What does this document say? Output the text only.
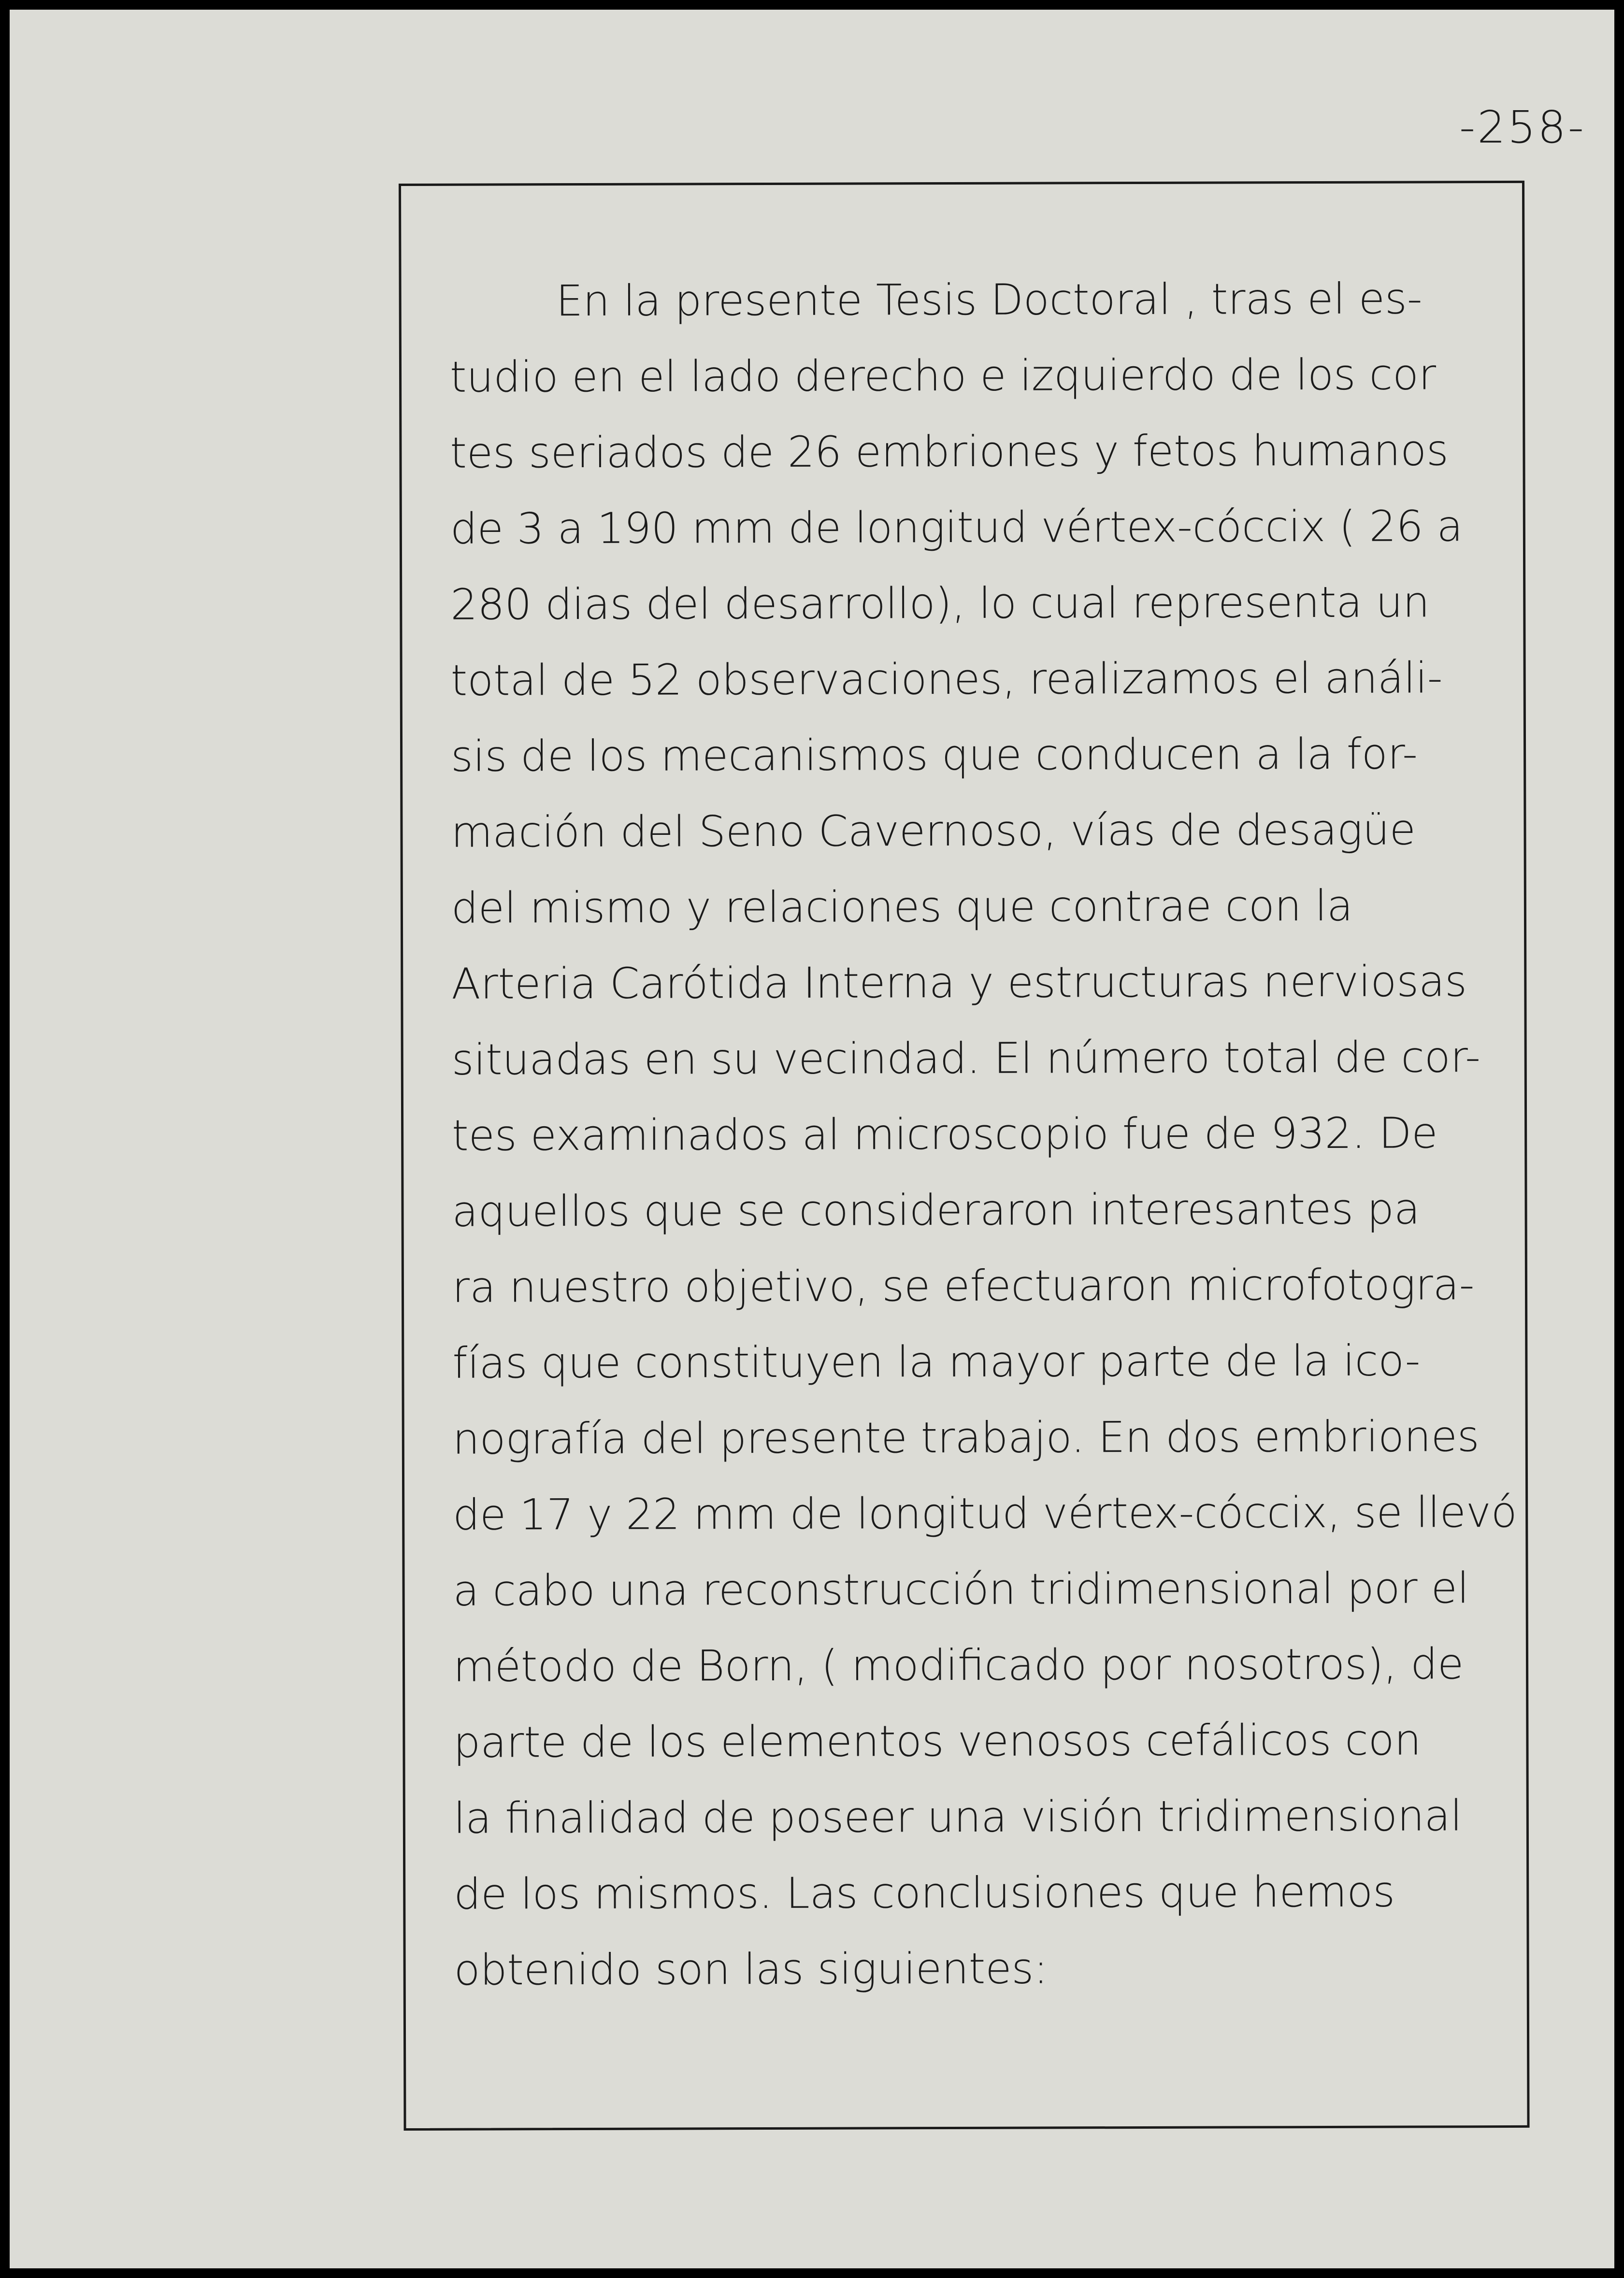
-258-
En la presente Tesis Doctoral , tras el es-
tudio en el lado derecho e izquierdo de los cor
tes seriados de 26 embriones y fetos humanos
de 3 a 190 mm de longitud vértex-cóccix ( 26 a
280 dias del desarrollo), lo cual representa un
total de 52 observaciones, realizamos el análi-
sis de los mecanismos que conducen a la for-
mación del Seno Cavernoso, vías de desagüe
del mismo y relaciones que contrae con la
Arteria Carótida Interna y estructuras nerviosas
situadas en su vecindad. El número total de cor-
tes examinados al microscopio fue de 932. De
aquellos que se consideraron interesantes pa
ra nuestro objetivo, se efectuaron microfotogra-
fías que constituyen la mayor parte de la ico-
nografía del presente trabajo. En dos embriones
de 17 y 22 mm de longitud vértex-cóccix, se llevó
a cabo una reconstrucción tridimensional por el
método de Born, ( modificado por nosotros), de
parte de los elementos venosos cefálicos con
la finalidad de poseer una visión tridimensional
de los mismos. Las conclusiones que hemos
obtenido son las siguientes:
